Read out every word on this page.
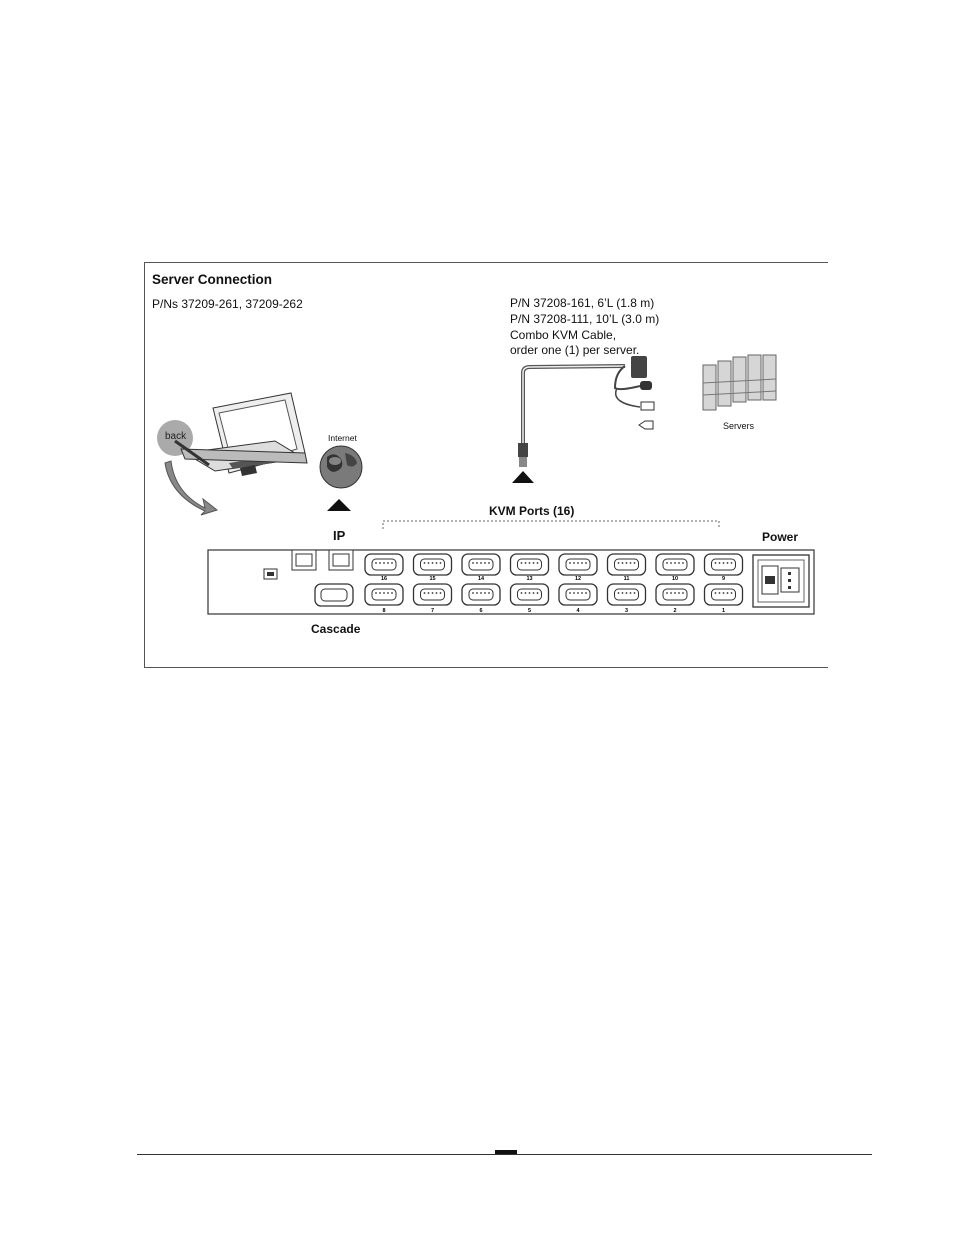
16	15	14	13	12	11	10	9
8	7	6	5	4	3	2	1
Server Connection
P/Ns 37209-261, 37209-262	P/N 37208-161, 6’L (1.8 m)
P/N 37208-111, 10’L (3.0 m)
Combo KVM Cable,
order one (1) per server.
Servers
Internet
back
KVM Ports (16)
IP	Power
Cascade
